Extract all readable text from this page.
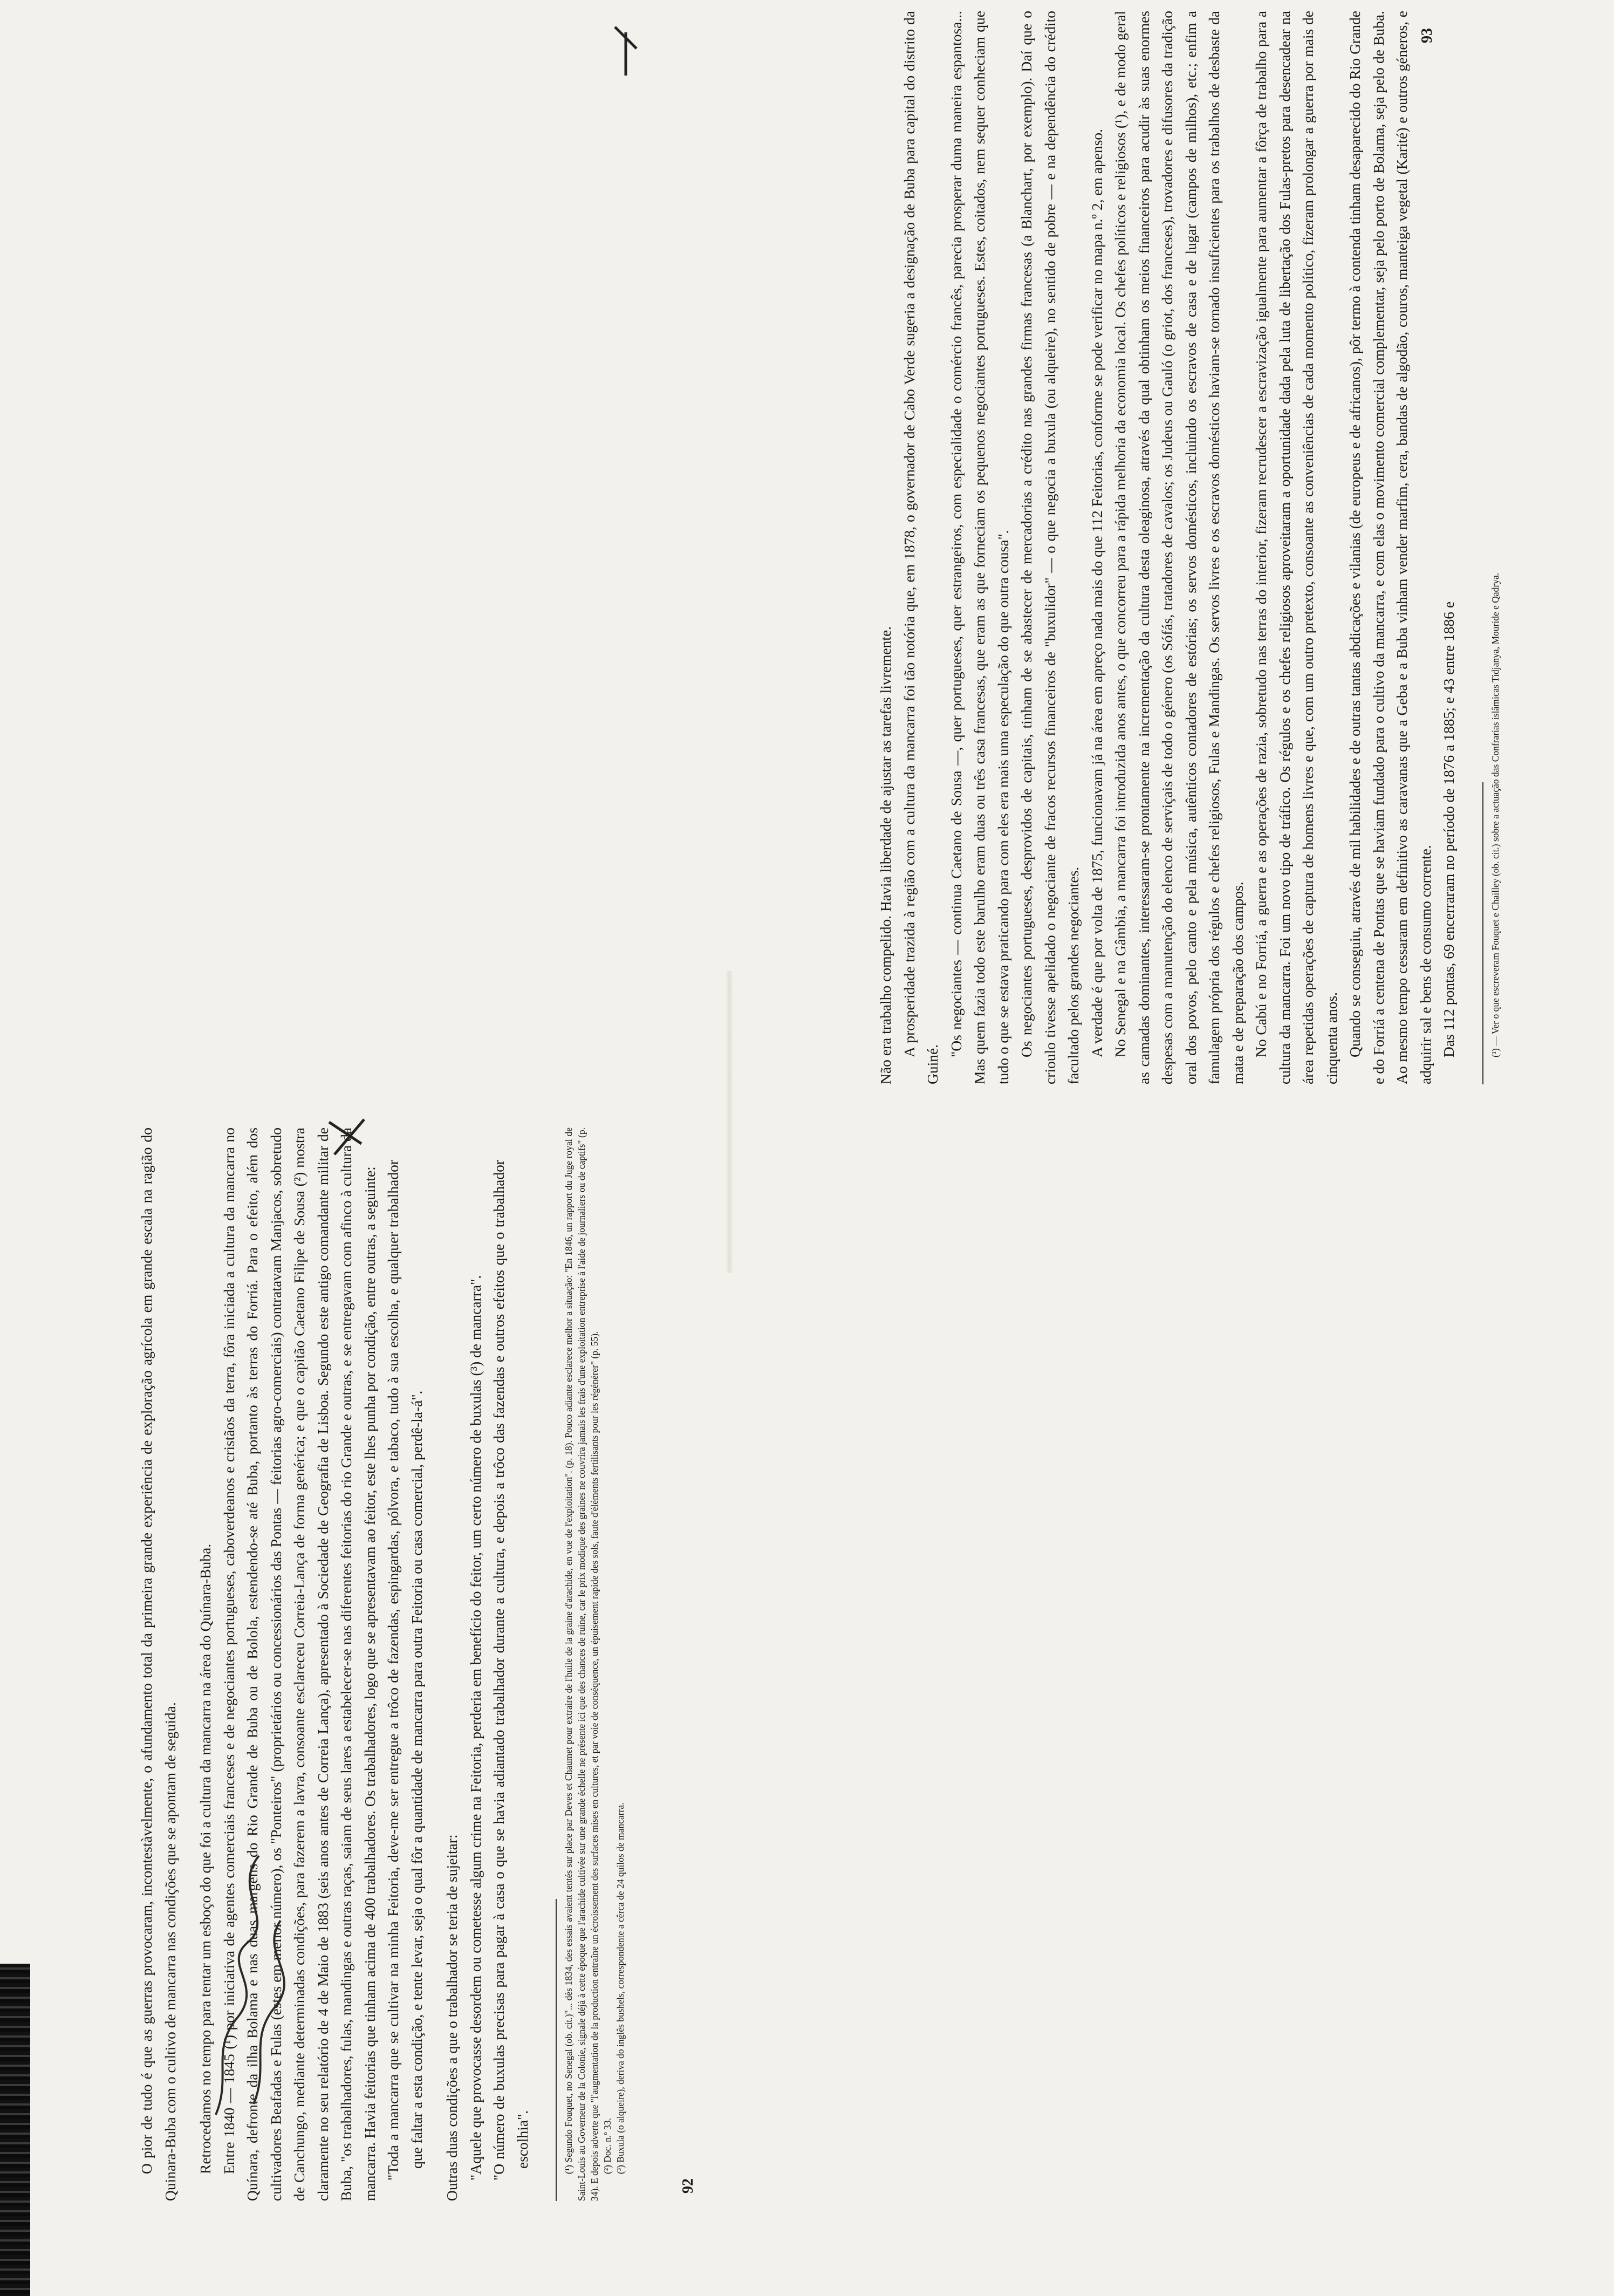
O pior de tudo é que as guerras provocaram, incontestàvelmente, o afundamento total da primeira grande experiência de exploração agrícola em grande escala na ragião do Quinara-Buba com o cultivo de mancarra nas condições que se apontam de seguida. Retrocedamos no tempo para tentar um esboço do que foi a cultura da mancarra na área do Quínara-Buba. Entre 1840 — 1845 (¹) por iniciativa de agentes comerciais franceses e de negociantes portugueses, caboverdeanos e cristãos da terra, fôra iniciada a cultura da mancarra no Quínara, defronte da ilha Bolama e nas duas margens do Rio Grande de Buba ou de Bolola, estendendo-se até Buba, portanto às terras do Forriá. Para o efeito, além dos cultivadores Beafadas e Fulas (estes em menor número), os "Ponteiros" (proprietários ou concessionários das Pontas — feitorias agro-comerciais) contratavam Manjacos, sobretudo de Canchungo, mediante determinadas condições, para fazerem a lavra, consoante esclareceu Correia-Lança de forma genérica; e que o capitão Caetano Filipe de Sousa (²) mostra claramente no seu relatório de 4 de Maio de 1883 (seis anos antes de Correia Lança), apresentado à Sociedade de Geografia de Lisboa. Segundo este antigo comandante militar de Buba, "os trabalhadores, fulas, mandingas e outras raças, saiam de seus lares a estabelecer-se nas diferentes feitorias do rio Grande e outras, e se entregavam com afinco à cultura da mancarra. Havia feitorias que tinham acima de 400 trabalhadores. Os trabalhadores, logo que se apresentavam ao feitor, este lhes punha por condição, entre outras, a seguinte: "Toda a mancarra que se cultivar na minha Feitoria, deve-me ser entregue a trôco de fazendas, espingardas, pólvora, e tabaco, tudo à sua escolha, e qualquer trabalhador que faltar a esta condição, e tente levar, seja o qual fôr a quantidade de mancarra para outra Feitoria ou casa comercial, perdê-la-á". Outras duas condições a que o trabalhador se teria de sujeitar: "Aquele que provocasse desordem ou cometesse algum crime na Feitoria, perderia em benefício do feitor, um certo número de buxulas (³) de mancarra". "O número de buxulas precisas para pagar à casa o que se havia adiantado trabalhador durante a cultura, e depois a trôco das fazendas e outros efeitos que o trabalhador escolhia".	(¹) Segundo Fouquet, no Senegal (ob. cit.)"... dès 1834, des essais avaient tentés sur place par Deves et Chaumet pour extraire de l'huile de la graine d'arachide, en vue de l'exploitation". (p. 18). Pouco adiante esclarece melhor a situação: "En 1846, un rapport du Juge royal de Saint-Louis au Governeur de la Colonie, signale déjà à cette époque que l'arachide cultivée sur une grande échelle ne présente ici que des chances de ruine, car le prix modique des graines ne couvrira jamais les frais d'une exploitation entreprise à l'aide de journaliers ou de captifs" (p. 34). E depois adverte que "l'augmentation de la production entraîne un écroissement des surfaces mises en cultures, et par voie de conséquence, un épuisement rapide des sols, faute d'éléments fertilisants pour les régénérer" (p. 55). (²) Doc. n.º 33. (³) Buxula (o alqueire), deriva do inglês bushels, correspondente a cêrca de 24 quilos de mancarra.

92

Não era trabalho compelido. Havia liberdade de ajustar as tarefas livremente. A prosperidade trazida à região com a cultura da mancarra foi tão notória que, em 1878, o governador de Cabo Verde sugeria a designação de Buba para capital do distrito da Guiné.

"Os negociantes — continua Caetano de Sousa —, quer portugueses, quer estrangeiros, com especialidade o comércio francês, parecia prosperar duma maneira espantosa... Mas quem fazia todo este barulho eram duas ou três casa francesas, que eram as que forneciam os pequenos negociantes portugueses. Estes, coitados, nem sequer conheciam que tudo o que se estava praticando para com eles era mais uma especulação do que outra cousa". Os negociantes portugueses, desprovidos de capitais, tinham de se abastecer de mercadorias a crédito nas grandes firmas francesas (a Blanchart, por exemplo). Daí que o crioulo tivesse apelidado o negociante de fracos recursos financeiros de "buxulidor" — o que negocia a buxula (ou alqueire), no sentido de pobre — e na dependência do crédito facultado pelos grandes negociantes. A verdade é que por volta de 1875, funcionavam já na área em apreço nada mais do que 112 Feitorias, conforme se pode verificar no mapa n.º 2, em apenso. No Senegal e na Gâmbia, a mancarra foi introduzida anos antes, o que concorreu para a rápida melhoria da economia local. Os chefes políticos e religiosos (¹), e de modo geral as camadas dominantes, interessaram-se prontamente na incrementação da cultura desta oleaginosa, através da qual obtinham os meios financeiros para acudir às suas enormes despesas com a manutenção do elenco de serviçais de todo o género (os Sófás, tratadores de cavalos; os Judeus ou Gauló (o griot, dos franceses), trovadores e difusores da tradição oral dos povos, pelo canto e pela música, autênticos contadores de estórias; os servos domésticos, incluindo os escravos de casa e de lugar (campos de milhos), etc.; enfim a famulagem própria dos régulos e chefes religiosos, Fulas e Mandingas. Os servos livres e os escravos domésticos haviam-se tornado insuficientes para os trabalhos de desbaste da mata e de preparação dos campos. No Cabú e no Forriá, a guerra e as operações de razia, sobretudo nas terras do interior, fizeram recrudescer a escravização igualmente para aumentar a fôrça de trabalho para a cultura da mancarra. Foi um novo tipo de tráfico. Os régulos e os chefes religiosos aproveitaram a oportunidade dada pela luta de libertação dos Fulas-pretos para desencadear na área repetidas operações de captura de homens livres e que, com um outro pretexto, consoante as conveniências de cada momento político, fizeram prolongar a guerra por mais de cinquenta anos. Quando se conseguiu, através de mil habilidades e de outras tantas abdicações e vilanias (de europeus e de africanos), pôr termo à contenda tinham desaparecido do Rio Grande e do Forriá a centena de Pontas que se haviam fundado para o cultivo da mancarra, e com elas o movimento comercial complementar, seja pelo porto de Bolama, seja pelo de Buba. Ao mesmo tempo cessaram em definitivo as caravanas que a Geba e a Buba vinham vender marfim, cera, bandas de algodão, couros, manteiga vegetal (Karité) e outros géneros, e adquirir sal e bens de consumo corrente. Das 112 pontas, 69 encerraram no período de 1876 a 1885; e 43 entre 1886 e	(¹) — Ver o que escreveram Fouquet e Chailley (ob. cit.) sobre a actuação das Confrarias islâmicas Tidjanya, Mouride e Qadrya.

93
